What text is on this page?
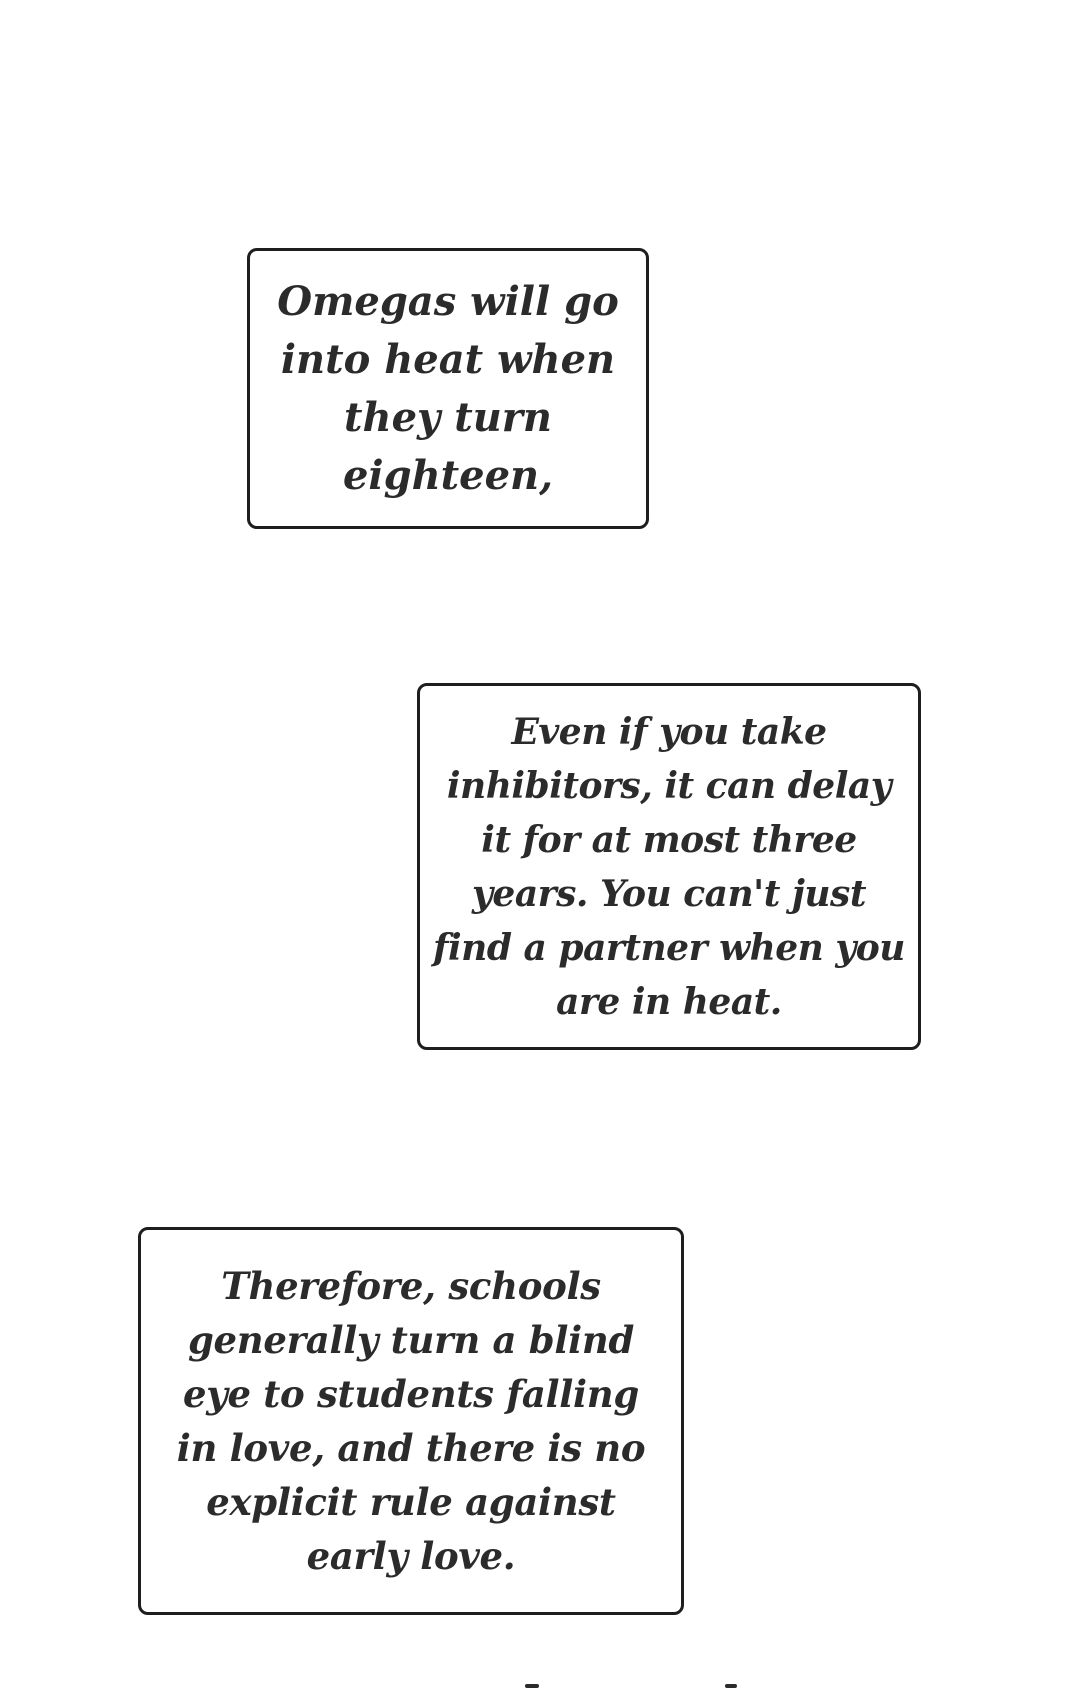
Omegas will go
into heat when
they turn
eighteen,

Even if you take
inhibitors, it can delay
it for at most three
years. You can't just
find a partner when you
are in heat.

Therefore, schools
generally turn a blind
eye to students falling
in love, and there is no
explicit rule against
early love.
